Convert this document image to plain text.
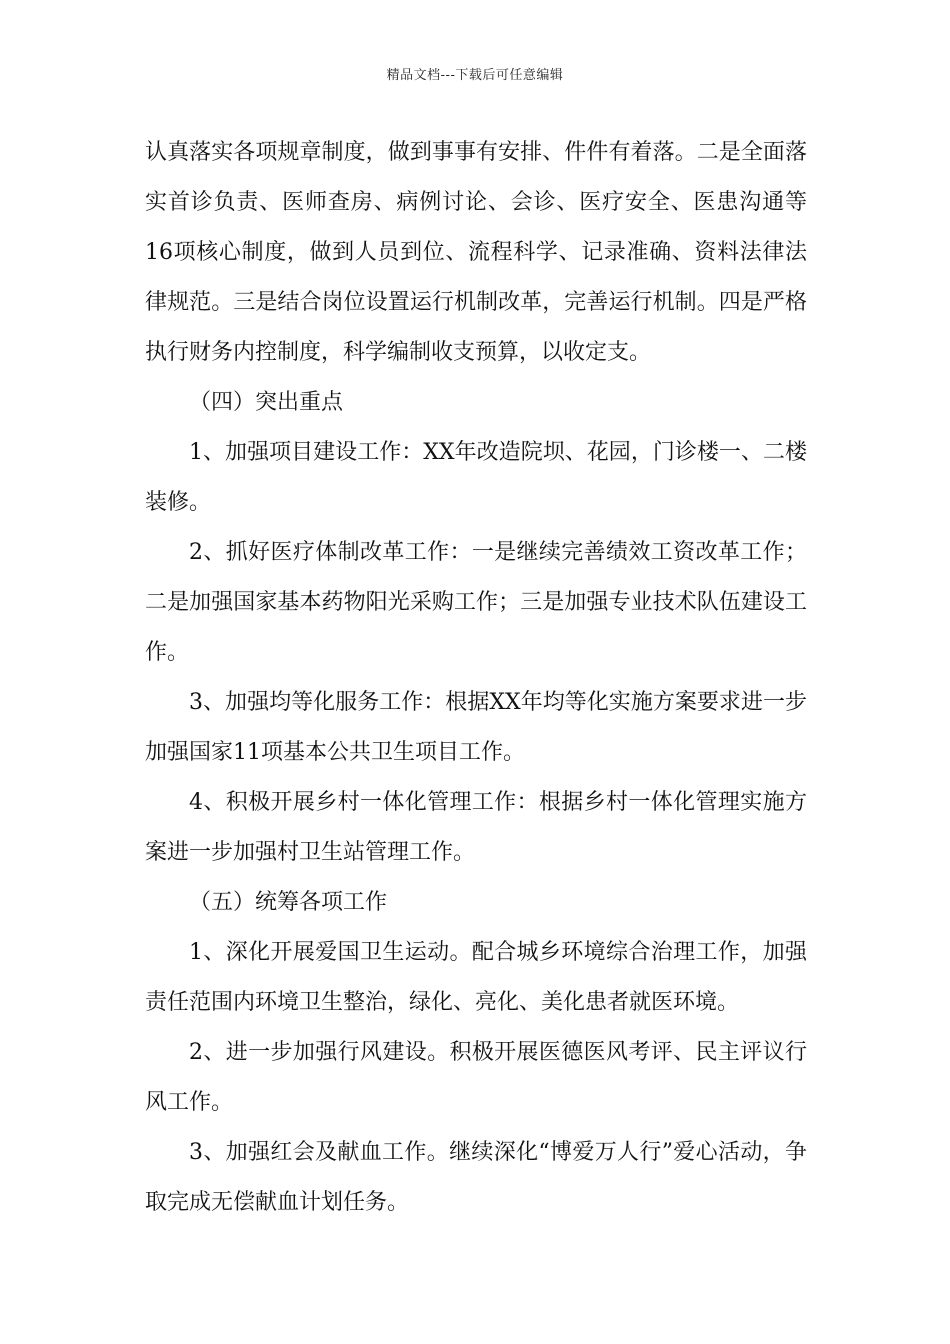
精品文档---下载后可任意编辑

认真落实各项规章制度，做到事事有安排、件件有着落。二是全面落实首诊负责、医师查房、病例讨论、会诊、医疗安全、医患沟通等16项核心制度，做到人员到位、流程科学、记录准确、资料法律法律规范。三是结合岗位设置运行机制改革，完善运行机制。四是严格执行财务内控制度，科学编制收支预算，以收定支。

（四）突出重点

1、加强项目建设工作：XX年改造院坝、花园，门诊楼一、二楼装修。

2、抓好医疗体制改革工作：一是继续完善绩效工资改革工作；二是加强国家基本药物阳光采购工作；三是加强专业技术队伍建设工作。

3、加强均等化服务工作：根据XX年均等化实施方案要求进一步加强国家11项基本公共卫生项目工作。

4、积极开展乡村一体化管理工作：根据乡村一体化管理实施方案进一步加强村卫生站管理工作。

（五）统筹各项工作

1、深化开展爱国卫生运动。配合城乡环境综合治理工作，加强责任范围内环境卫生整治，绿化、亮化、美化患者就医环境。

2、进一步加强行风建设。积极开展医德医风考评、民主评议行风工作。

3、加强红会及献血工作。继续深化“博爱万人行”爱心活动，争取完成无偿献血计划任务。
